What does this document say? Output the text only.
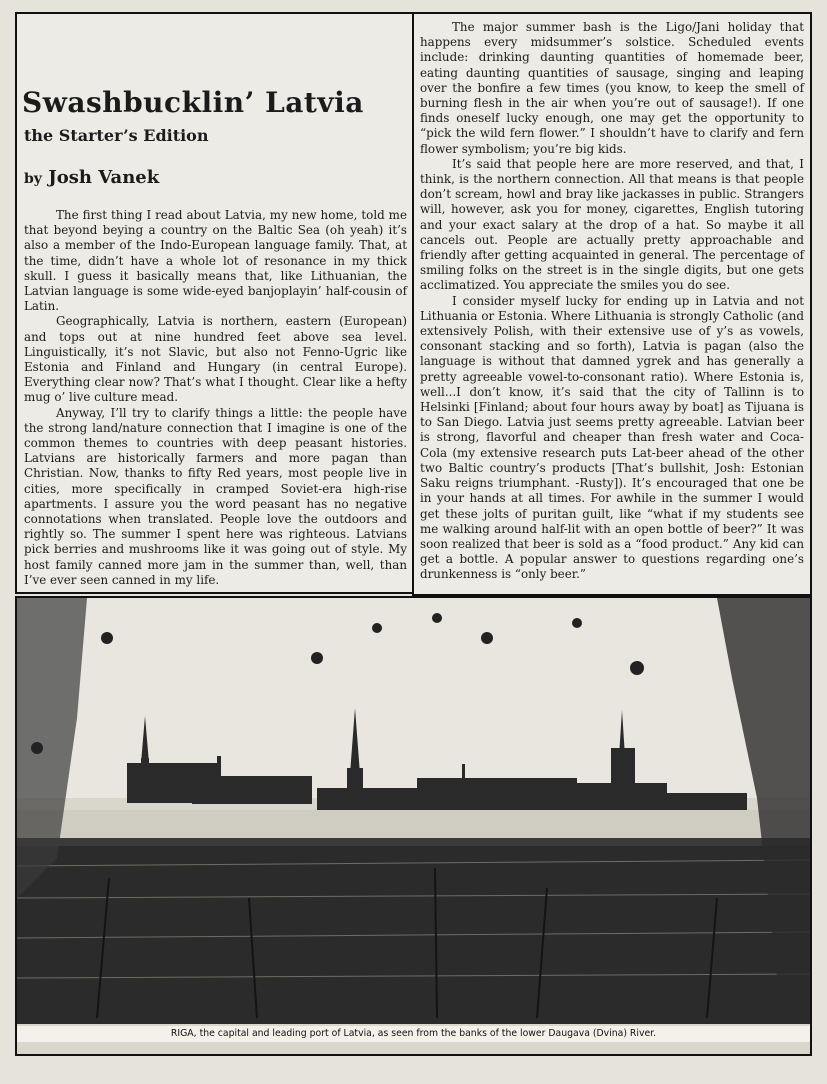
Swashbucklin’ Latvia
the Starter’s Edition
by Josh Vanek

The first thing I read about Latvia, my new home, told me that beyond beying a country on the Baltic Sea (oh yeah) it’s also a member of the Indo-European language family. That, at the time, didn’t have a whole lot of resonance in my thick skull. I guess it basically means that, like Lithuanian, the Latvian language is some wide-eyed banjoplayin’ half-cousin of Latin.

Geographically, Latvia is northern, eastern (European) and tops out at nine hundred feet above sea level. Linguistically, it’s not Slavic, but also not Fenno-Ugric like Estonia and Finland and Hungary (in central Europe). Everything clear now? That’s what I thought. Clear like a hefty mug o’ live culture mead.

Anyway, I’ll try to clarify things a little: the people have the strong land/nature connection that I imagine is one of the common themes to countries with deep peasant histories. Latvians are historically farmers and more pagan than Christian. Now, thanks to fifty Red years, most people live in cities, more specifically in cramped Soviet-era high-rise apartments. I assure you the word peasant has no negative connotations when translated. People love the outdoors and rightly so. The summer I spent here was righteous. Latvians pick berries and mushrooms like it was going out of style. My host family canned more jam in the summer than, well, than I’ve ever seen canned in my life.

The major summer bash is the Ligo/Jani holiday that happens every midsummer’s solstice. Scheduled events include: drinking daunting quantities of homemade beer, eating daunting quantities of sausage, singing and leaping over the bonfire a few times (you know, to keep the smell of burning flesh in the air when you’re out of sausage!). If one finds oneself lucky enough, one may get the opportunity to “pick the wild fern flower.” I shouldn’t have to clarify and fern flower symbolism; you’re big kids.

It’s said that people here are more reserved, and that, I think, is the northern connection. All that means is that people don’t scream, howl and bray like jackasses in public. Strangers will, however, ask you for money, cigarettes, English tutoring and your exact salary at the drop of a hat. So maybe it all cancels out. People are actually pretty approachable and friendly after getting acquainted in general. The percentage of smiling folks on the street is in the single digits, but one gets acclimatized. You appreciate the smiles you do see.

I consider myself lucky for ending up in Latvia and not Lithuania or Estonia. Where Lithuania is strongly Catholic (and extensively Polish, with their extensive use of y’s as vowels, consonant stacking and so forth), Latvia is pagan (also the language is without that damned ygrek and has generally a pretty agreeable vowel-to-consonant ratio). Where Estonia is, well...I don’t know, it’s said that the city of Tallinn is to Helsinki [Finland; about four hours away by boat] as Tijuana is to San Diego. Latvia just seems pretty agreeable. Latvian beer is strong, flavorful and cheaper than fresh water and Coca-Cola (my extensive research puts Lat-beer ahead of the other two Baltic country’s products [That’s bullshit, Josh: Estonian Saku reigns triumphant. -Rusty]). It’s encouraged that one be in your hands at all times. For awhile in the summer I would get these jolts of puritan guilt, like “what if my students see me walking around half-lit with an open bottle of beer?” It was soon realized that beer is sold as a “food product.” Any kid can get a bottle. A popular answer to questions regarding one’s drunkenness is “only beer.”

RIGA, the capital and leading port of Latvia, as seen from the banks of the lower Daugava (Dvina) River.
